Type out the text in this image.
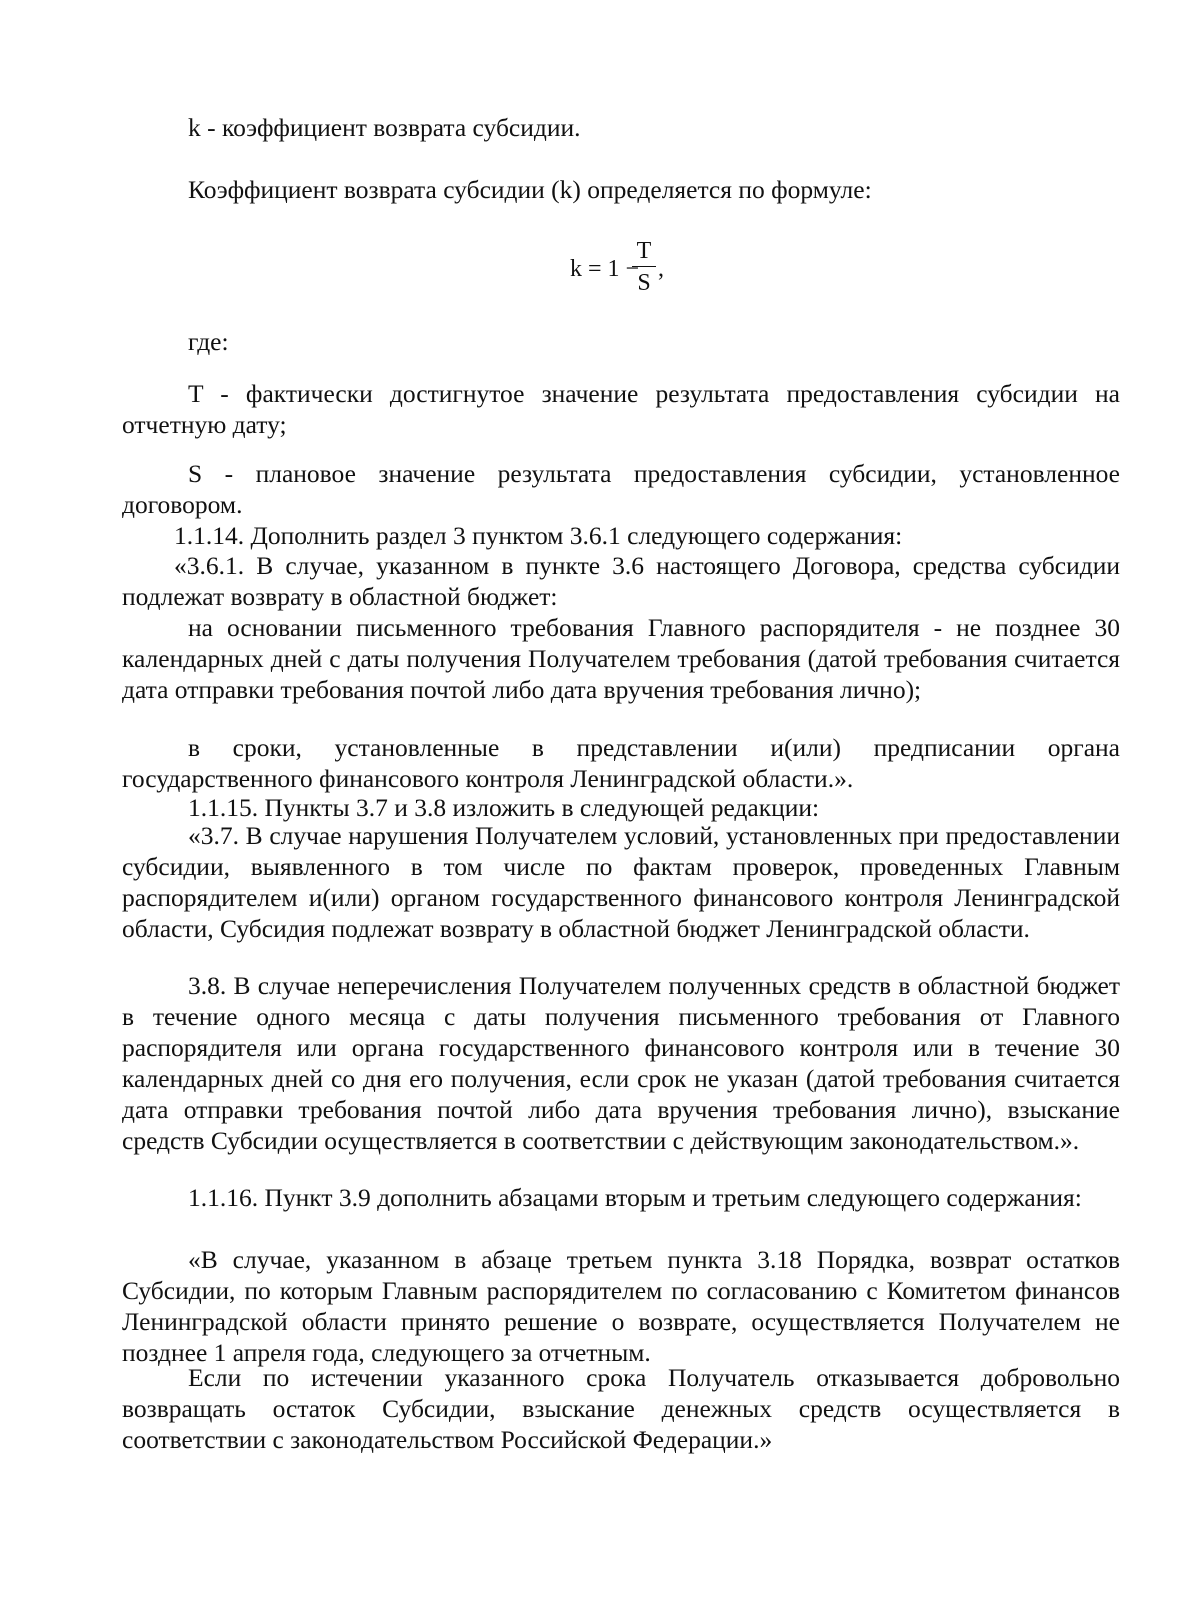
k - коэффициент возврата субсидии.

Коэффициент возврата субсидии (k) определяется по формуле:

k = 1 −
T
S
,

где:

T - фактически достигнутое значение результата предоставления субсидии на отчетную дату;

S - плановое значение результата предоставления субсидии, установленное договором.

1.1.14. Дополнить раздел 3 пунктом 3.6.1 следующего содержания:

«3.6.1. В случае, указанном в пункте 3.6 настоящего Договора, средства субсидии подлежат возврату в областной бюджет:

на основании письменного требования Главного распорядителя - не позднее 30 календарных дней с даты получения Получателем требования (датой требования считается дата отправки требования почтой либо дата вручения требования лично);

в сроки, установленные в представлении и(или) предписании органа государственного финансового контроля Ленинградской области.».

1.1.15. Пункты 3.7 и 3.8 изложить в следующей редакции:

«3.7. В случае нарушения Получателем условий, установленных при предоставлении субсидии, выявленного в том числе по фактам проверок, проведенных Главным распорядителем и(или) органом государственного финансового контроля Ленинградской области, Субсидия подлежат возврату в областной бюджет Ленинградской области.

3.8. В случае неперечисления Получателем полученных средств в областной бюджет в течение одного месяца с даты получения письменного требования от Главного распорядителя или органа государственного финансового контроля или в течение 30 календарных дней со дня его получения, если срок не указан (датой требования считается дата отправки требования почтой либо дата вручения требования лично), взыскание средств Субсидии осуществляется в соответствии с действующим законодательством.».

1.1.16. Пункт 3.9 дополнить абзацами вторым и третьим следующего содержания:

«В случае, указанном в абзаце третьем пункта 3.18 Порядка, возврат остатков Субсидии, по которым Главным распорядителем по согласованию с Комитетом финансов Ленинградской области принято решение о возврате, осуществляется Получателем не позднее 1 апреля года, следующего за отчетным.

Если по истечении указанного срока Получатель отказывается добровольно возвращать остаток Субсидии, взыскание денежных средств осуществляется в соответствии с законодательством Российской Федерации.»
